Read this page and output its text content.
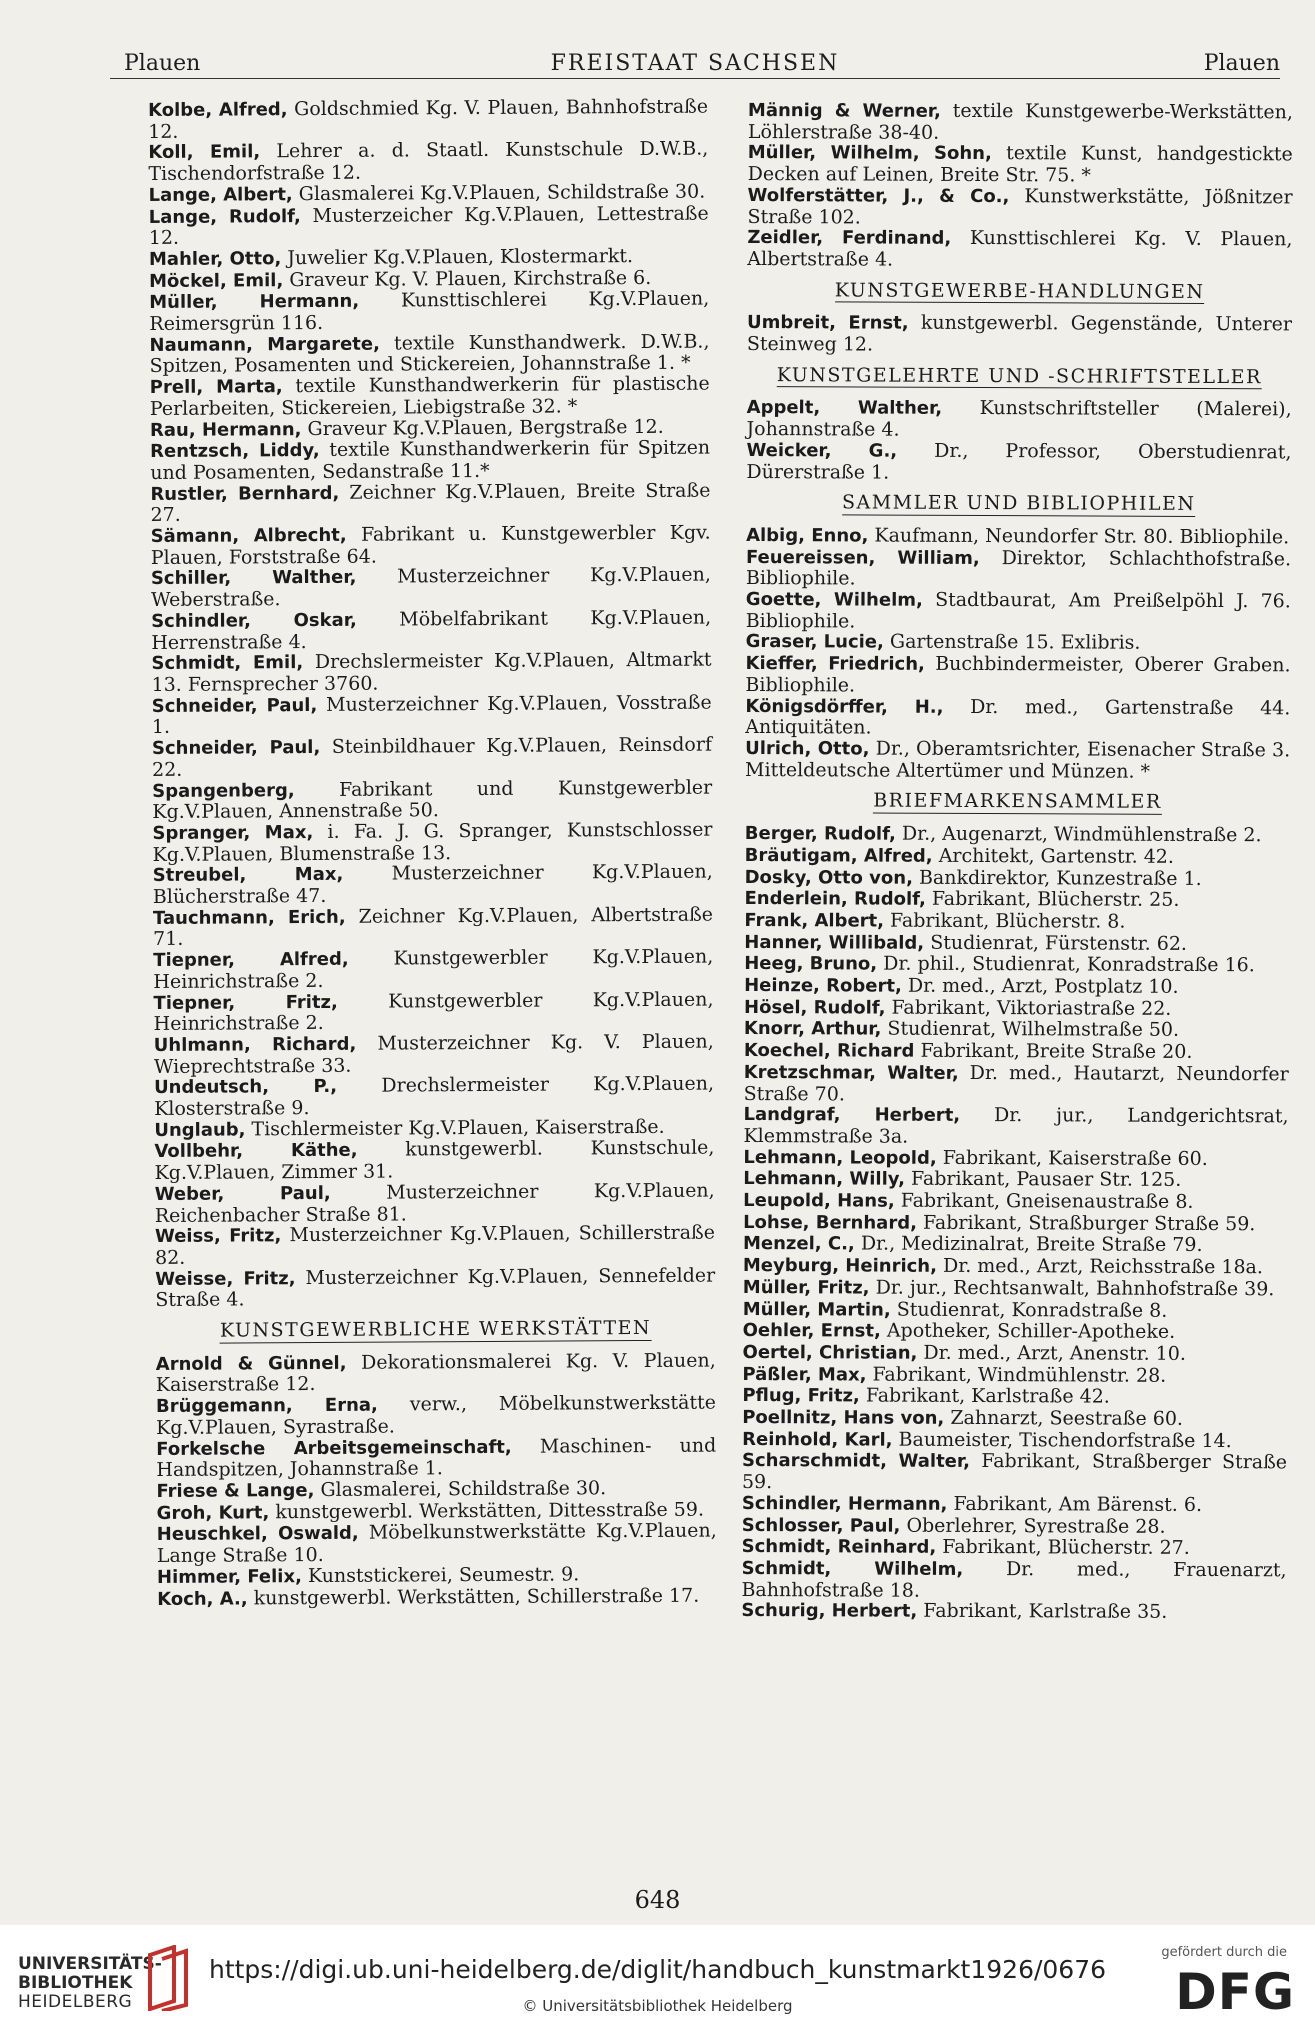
Plauen	FREISTAAT SACHSEN	Plauen
Kolbe, Alfred, Goldschmied Kg. V. Plauen, Bahnhofstraße 12.
Koll, Emil, Lehrer a. d. Staatl. Kunstschule D.W.B., Tischendorfstraße 12.
Lange, Albert, Glasmalerei Kg.V.Plauen, Schildstraße 30.
Lange, Rudolf, Musterzeicher Kg.V.Plauen, Lettestraße 12.
Mahler, Otto, Juwelier Kg.V.Plauen, Klostermarkt.
Möckel, Emil, Graveur Kg. V. Plauen, Kirchstraße 6.
Müller, Hermann, Kunsttischlerei Kg.V.Plauen, Reimersgrün 116.
Naumann, Margarete, textile Kunsthandwerk. D.W.B., Spitzen, Posamenten und Stickereien, Johannstraße 1. *
Prell, Marta, textile Kunsthandwerkerin für plastische Perlarbeiten, Stickereien, Liebigstraße 32. *
Rau, Hermann, Graveur Kg.V.Plauen, Bergstraße 12.
Rentzsch, Liddy, textile Kunsthandwerkerin für Spitzen und Posamenten, Sedanstraße 11.*
Rustler, Bernhard, Zeichner Kg.V.Plauen, Breite Straße 27.
Sämann, Albrecht, Fabrikant u. Kunstgewerbler Kgv. Plauen, Forststraße 64.
Schiller, Walther, Musterzeichner Kg.V.Plauen, Weberstraße.
Schindler, Oskar, Möbelfabrikant Kg.V.Plauen, Herrenstraße 4.
Schmidt, Emil, Drechslermeister Kg.V.Plauen, Altmarkt 13. Fernsprecher 3760.
Schneider, Paul, Musterzeichner Kg.V.Plauen, Vosstraße 1.
Schneider, Paul, Steinbildhauer Kg.V.Plauen, Reinsdorf 22.
Spangenberg, Fabrikant und Kunstgewerbler Kg.V.Plauen, Annenstraße 50.
Spranger, Max, i. Fa. J. G. Spranger, Kunstschlosser Kg.V.Plauen, Blumenstraße 13.
Streubel, Max,	Musterzeichner Kg.V.Plauen, Blücherstraße 47.
Tauchmann, Erich, Zeichner Kg.V.Plauen, Albertstraße 71.
Tiepner, Alfred, Kunstgewerbler Kg.V.Plauen, Heinrichstraße 2.
Tiepner, Fritz,	Kunstgewerbler Kg.V.Plauen, Heinrichstraße 2.
Uhlmann, Richard, Musterzeichner Kg. V. Plauen, Wieprechtstraße 33.
Undeutsch, P., Drechslermeister Kg.V.Plauen, Klosterstraße 9.
Unglaub, Tischlermeister Kg.V.Plauen, Kaiserstraße.
Vollbehr, Käthe,	kunstgewerbl. Kunstschule, Kg.V.Plauen, Zimmer 31.
Weber, Paul,	Musterzeichner Kg.V.Plauen, Reichenbacher Straße 81.
Weiss, Fritz, Musterzeichner Kg.V.Plauen, Schillerstraße 82.
Weisse, Fritz, Musterzeichner Kg.V.Plauen, Sennefelder Straße 4.
KUNSTGEWERBLICHE WERKSTÄTTEN
Arnold & Günnel, Dekorationsmalerei Kg. V. Plauen, Kaiserstraße 12.
Brüggemann, Erna, verw., Möbelkunstwerkstätte Kg.V.Plauen, Syrastraße.
Forkelsche Arbeitsgemeinschaft, Maschinen- und Handspitzen, Johannstraße 1.
Friese & Lange, Glasmalerei, Schildstraße 30.
Groh, Kurt, kunstgewerbl. Werkstätten, Dittesstraße 59.
Heuschkel, Oswald, Möbelkunstwerkstätte Kg.V.Plauen, Lange Straße 10.
Himmer, Felix, Kunststickerei, Seumestr. 9.
Koch, A., kunstgewerbl. Werkstätten, Schillerstraße 17.
Männig & Werner, textile Kunstgewerbe-Werkstätten, Löhlerstraße 38-40.
Müller, Wilhelm, Sohn, textile Kunst, handgestickte Decken auf Leinen, Breite Str. 75. *
Wolferstätter, J., & Co., Kunstwerkstätte, Jößnitzer Straße 102.
Zeidler, Ferdinand, Kunsttischlerei Kg. V. Plauen, Albertstraße 4.
KUNSTGEWERBE-HANDLUNGEN
Umbreit, Ernst, kunstgewerbl. Gegenstände, Unterer Steinweg 12.
KUNSTGELEHRTE UND -SCHRIFTSTELLER
Appelt, Walther, Kunstschriftsteller (Malerei), Johannstraße 4.
Weicker, G., Dr., Professor, Oberstudienrat, Dürerstraße 1.
SAMMLER UND BIBLIOPHILEN
Albig, Enno, Kaufmann, Neundorfer Str. 80. Bibliophile.
Feuereissen, William, Direktor, Schlachthofstraße. Bibliophile.
Goette, Wilhelm, Stadtbaurat, Am Preißelpöhl J. 76. Bibliophile.
Graser, Lucie, Gartenstraße 15. Exlibris.
Kieffer, Friedrich, Buchbindermeister, Oberer Graben. Bibliophile.
Königsdörffer, H., Dr. med., Gartenstraße 44. Antiquitäten.
Ulrich, Otto, Dr., Oberamtsrichter, Eisenacher Straße 3. Mitteldeutsche Altertümer und Münzen. *
BRIEFMARKENSAMMLER
Berger, Rudolf, Dr., Augenarzt, Windmühlenstraße 2.
Bräutigam, Alfred, Architekt, Gartenstr. 42.
Dosky, Otto von, Bankdirektor, Kunzestraße 1.
Enderlein, Rudolf, Fabrikant, Blücherstr. 25.
Frank, Albert, Fabrikant, Blücherstr. 8.
Hanner, Willibald, Studienrat, Fürstenstr. 62.
Heeg, Bruno, Dr. phil., Studienrat, Konradstraße 16.
Heinze, Robert, Dr. med., Arzt, Postplatz 10.
Hösel, Rudolf, Fabrikant, Viktoriastraße 22.
Knorr, Arthur, Studienrat, Wilhelmstraße 50.
Koechel, Richard Fabrikant, Breite Straße 20.
Kretzschmar, Walter, Dr. med., Hautarzt, Neundorfer Straße 70.
Landgraf, Herbert, Dr. jur., Landgerichtsrat, Klemmstraße 3a.
Lehmann, Leopold, Fabrikant, Kaiserstraße 60.
Lehmann, Willy, Fabrikant, Pausaer Str. 125.
Leupold, Hans, Fabrikant, Gneisenaustraße 8.
Lohse, Bernhard, Fabrikant, Straßburger Straße 59.
Menzel, C., Dr., Medizinalrat, Breite Straße 79.
Meyburg, Heinrich, Dr. med., Arzt, Reichsstraße 18a.
Müller, Fritz, Dr. jur., Rechtsanwalt, Bahnhofstraße 39.
Müller, Martin, Studienrat, Konradstraße 8.
Oehler, Ernst, Apotheker, Schiller-Apotheke.
Oertel, Christian, Dr. med., Arzt, Anenstr. 10.
Päßler, Max, Fabrikant, Windmühlenstr. 28.
Pflug, Fritz, Fabrikant, Karlstraße 42.
Poellnitz, Hans von, Zahnarzt, Seestraße 60.
Reinhold, Karl, Baumeister, Tischendorfstraße 14.
Scharschmidt, Walter, Fabrikant, Straßberger Straße 59.
Schindler, Hermann, Fabrikant, Am Bärenst. 6.
Schlosser, Paul, Oberlehrer, Syrestraße 28.
Schmidt, Reinhard, Fabrikant, Blücherstr. 27.
Schmidt, Wilhelm, Dr. med., Frauenarzt, Bahnhofstraße 18.
Schurig, Herbert, Fabrikant, Karlstraße 35.
648
UNIVERSITÄTS-
BIBLIOTHEK
HEIDELBERG
https://digi.ub.uni-heidelberg.de/diglit/handbuch_kunstmarkt1926/0676
© Universitätsbibliothek Heidelberg
gefördert durch die
DFG
